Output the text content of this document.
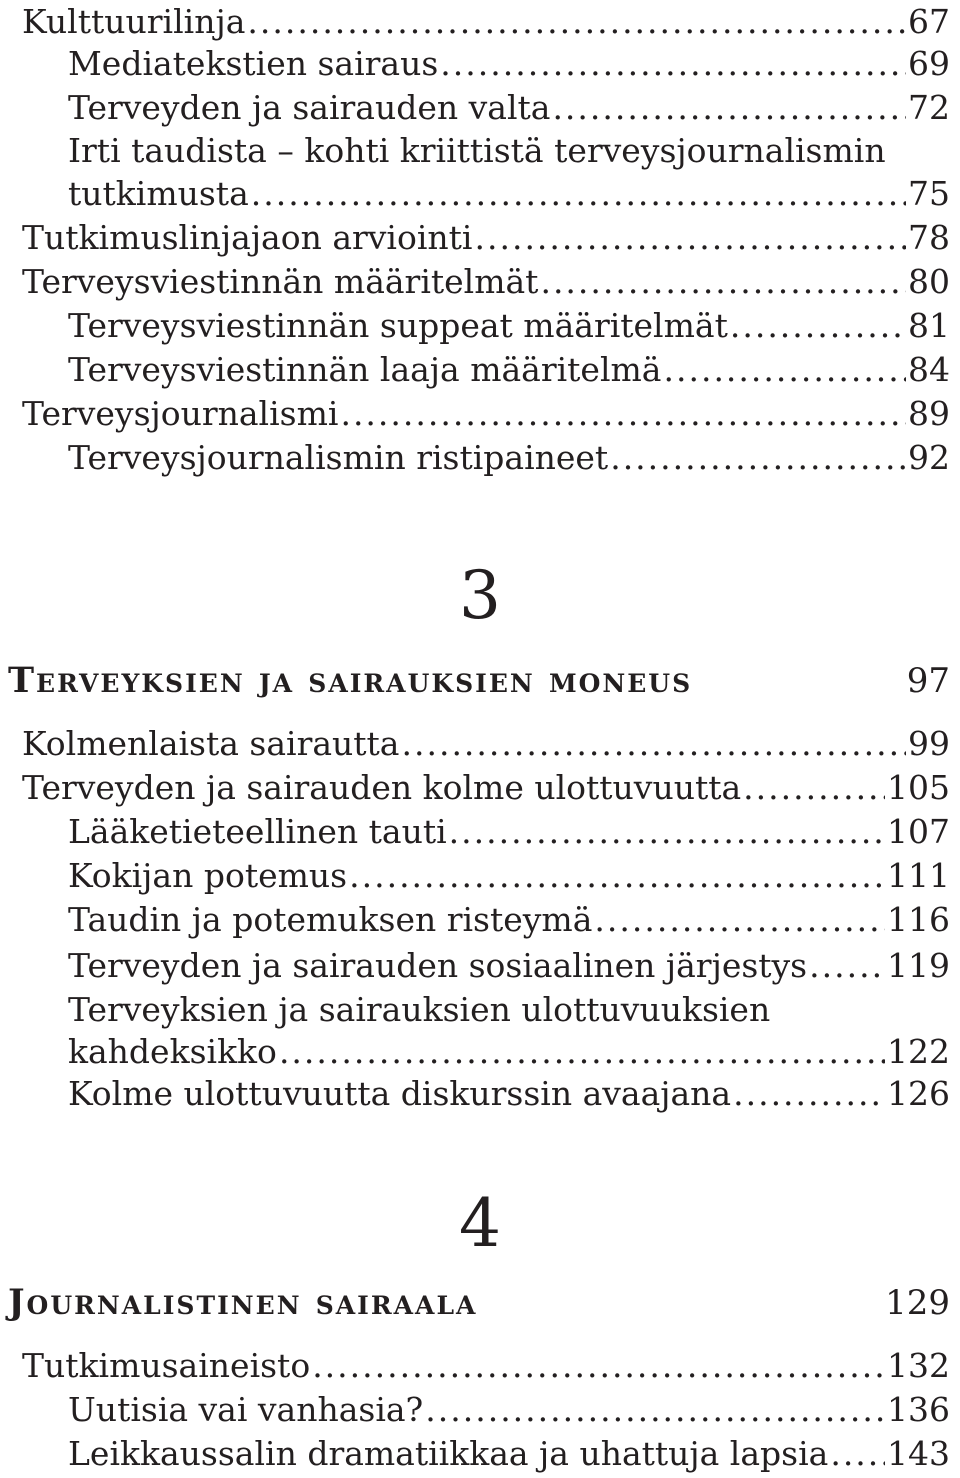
Kulttuurilinja .....	67
Mediatekstien sairaus .....	69
Terveyden ja sairauden valta .....	72
Irti taudista – kohti kriittistä terveysjournalismin
tutkimusta .....	75
Tutkimuslinjajaon arviointi .....	78
Terveysviestinnän määritelmät .....	80
Terveysviestinnän suppeat määritelmät .....	81
Terveysviestinnän laaja määritelmä .....	84
Terveysjournalismi .....	89
Terveysjournalismin ristipaineet .....	92
3
Terveyksien ja sairauksien moneus	97
Kolmenlaista sairautta .....	99
Terveyden ja sairauden kolme ulottuvuutta .....	105
Lääketieteellinen tauti .....	107
Kokijan potemus .....	111
Taudin ja potemuksen risteymä .....	116
Terveyden ja sairauden sosiaalinen järjestys ..... 119
Terveyksien ja sairauksien ulottuvuuksien
kahdeksikko .....	122
Kolme ulottuvuutta diskurssin avaajana .....	126
4
Journalistinen sairaala	129
Tutkimusaineisto .....	132
Uutisia vai vanhasia? .....	136
Leikkaussalin dramatiikkaa ja uhattuja lapsia ..... 143
